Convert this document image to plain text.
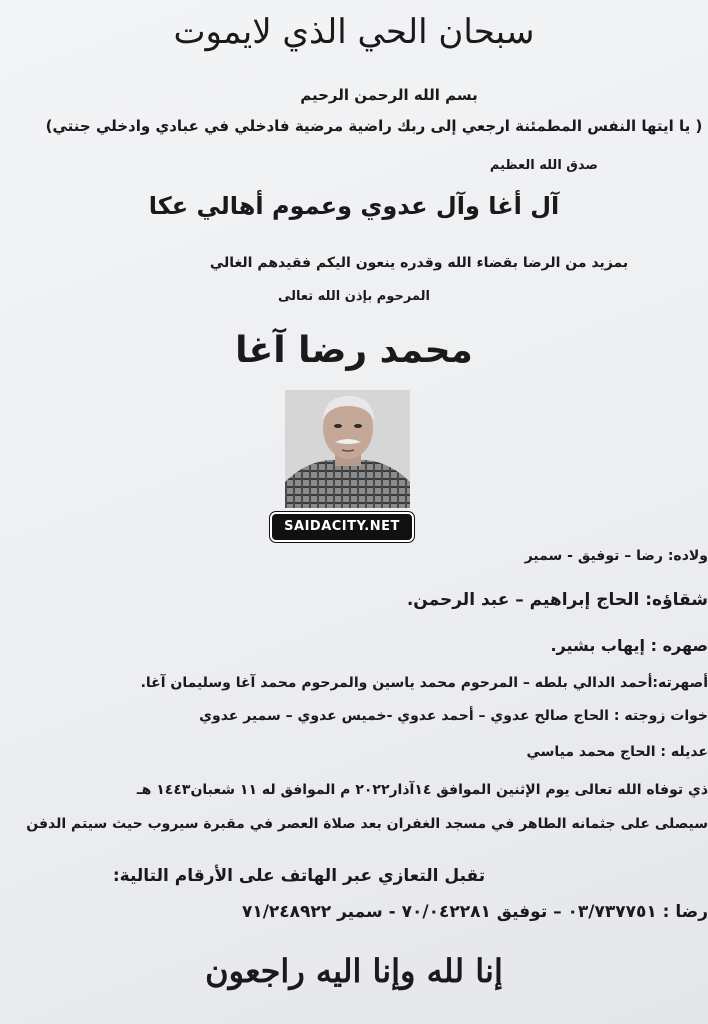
سبحان الحي الذي لايموت
بسم الله الرحمن الرحيم
( يا ايتها النفس المطمئنة ارجعي إلى ربك راضية مرضية فادخلي في عبادي وادخلي جنتي)
صدق الله العظيم
آل أغا وآل عدوي وعموم أهالي عكا
بمزيد من الرضا بقضاء الله وقدره ينعون اليكم فقيدهم الغالي
المرحوم بإذن الله تعالى
محمد رضا آغا
SAIDACITY.NET
ولاده: رضا – توفيق - سمير
شقاؤه: الحاج إبراهيم – عبد الرحمن.
صهره : إيهاب بشير.
أصهرته:أحمد الدالي بلطه – المرحوم محمد ياسين والمرحوم محمد آغا وسليمان آغا.
خوات زوجته : الحاج صالح عدوي – أحمد عدوي -خميس عدوي – سمير عدوي
عديله : الحاج محمد مياسي
ذي توفاه الله تعالى يوم الإثنين الموافق ١٤آذار٢٠٢٢ م الموافق له ١١ شعبان١٤٤٣ هـ
سيصلى على جثمانه الطاهر في مسجد الغفران بعد صلاة العصر في مقبرة سيروب حيث سيتم الدفن
تقبل التعازي عبر الهاتف على الأرقام التالية:
رضا : ٠٣/٧٣٧٧٥١ – توفيق ٧٠/٠٤٢٢٨١ - سمير ٧١/٢٤٨٩٢٢
إنا لله وإنا اليه راجعون
